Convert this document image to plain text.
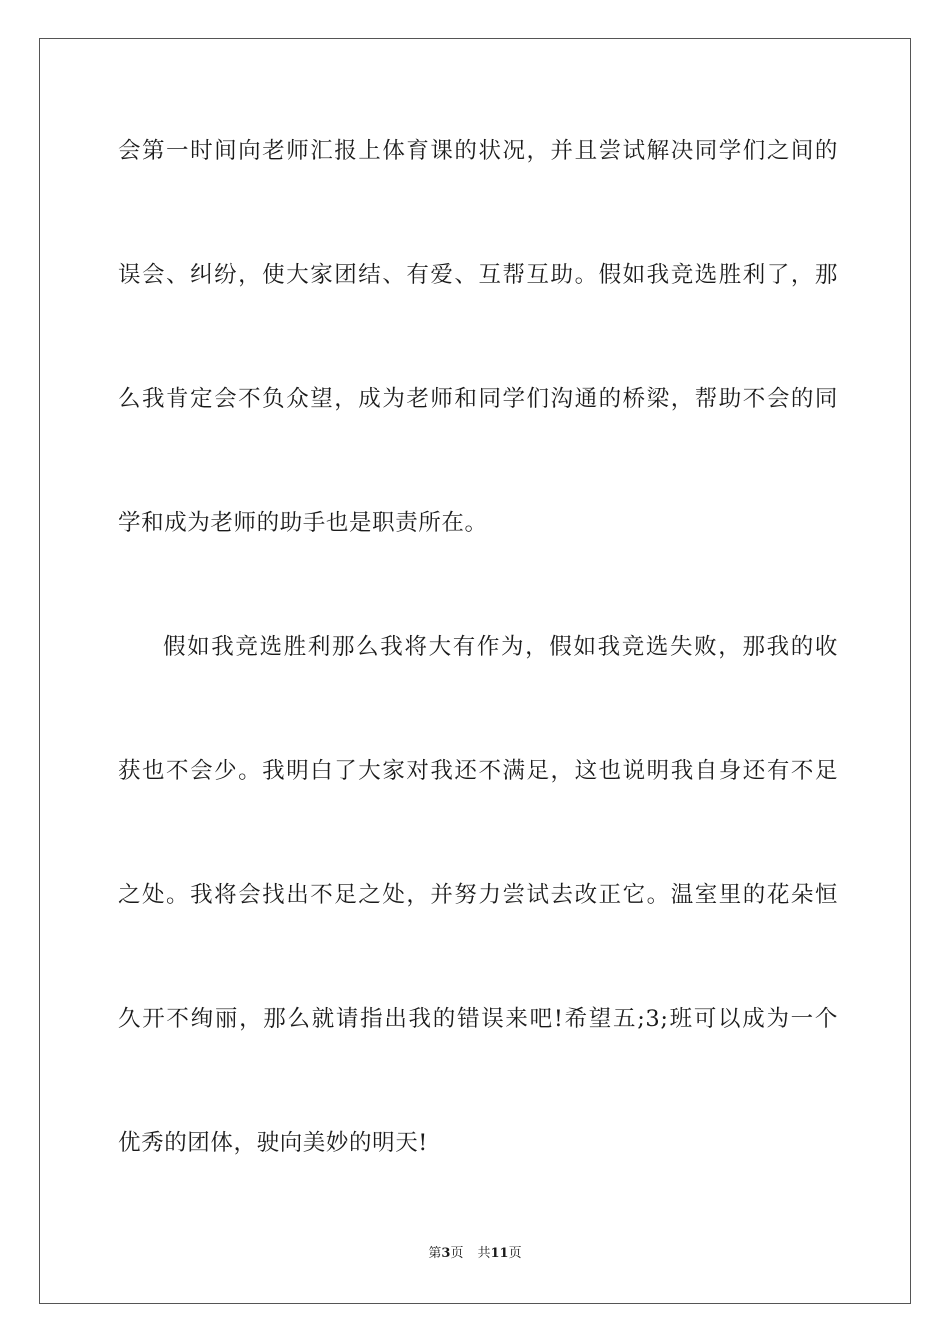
会第一时间向老师汇报上体育课的状况，并且尝试解决同学们之间的
误会、纠纷，使大家团结、有爱、互帮互助。假如我竞选胜利了，那
么我肯定会不负众望，成为老师和同学们沟通的桥梁，帮助不会的同
学和成为老师的助手也是职责所在。
假如我竞选胜利那么我将大有作为，假如我竞选失败，那我的收
获也不会少。我明白了大家对我还不满足，这也说明我自身还有不足
之处。我将会找出不足之处，并努力尝试去改正它。温室里的花朵恒
久开不绚丽，那么就请指出我的错误来吧!希望五;3;班可以成为一个
优秀的团体，驶向美妙的明天!
第3页 共11页
